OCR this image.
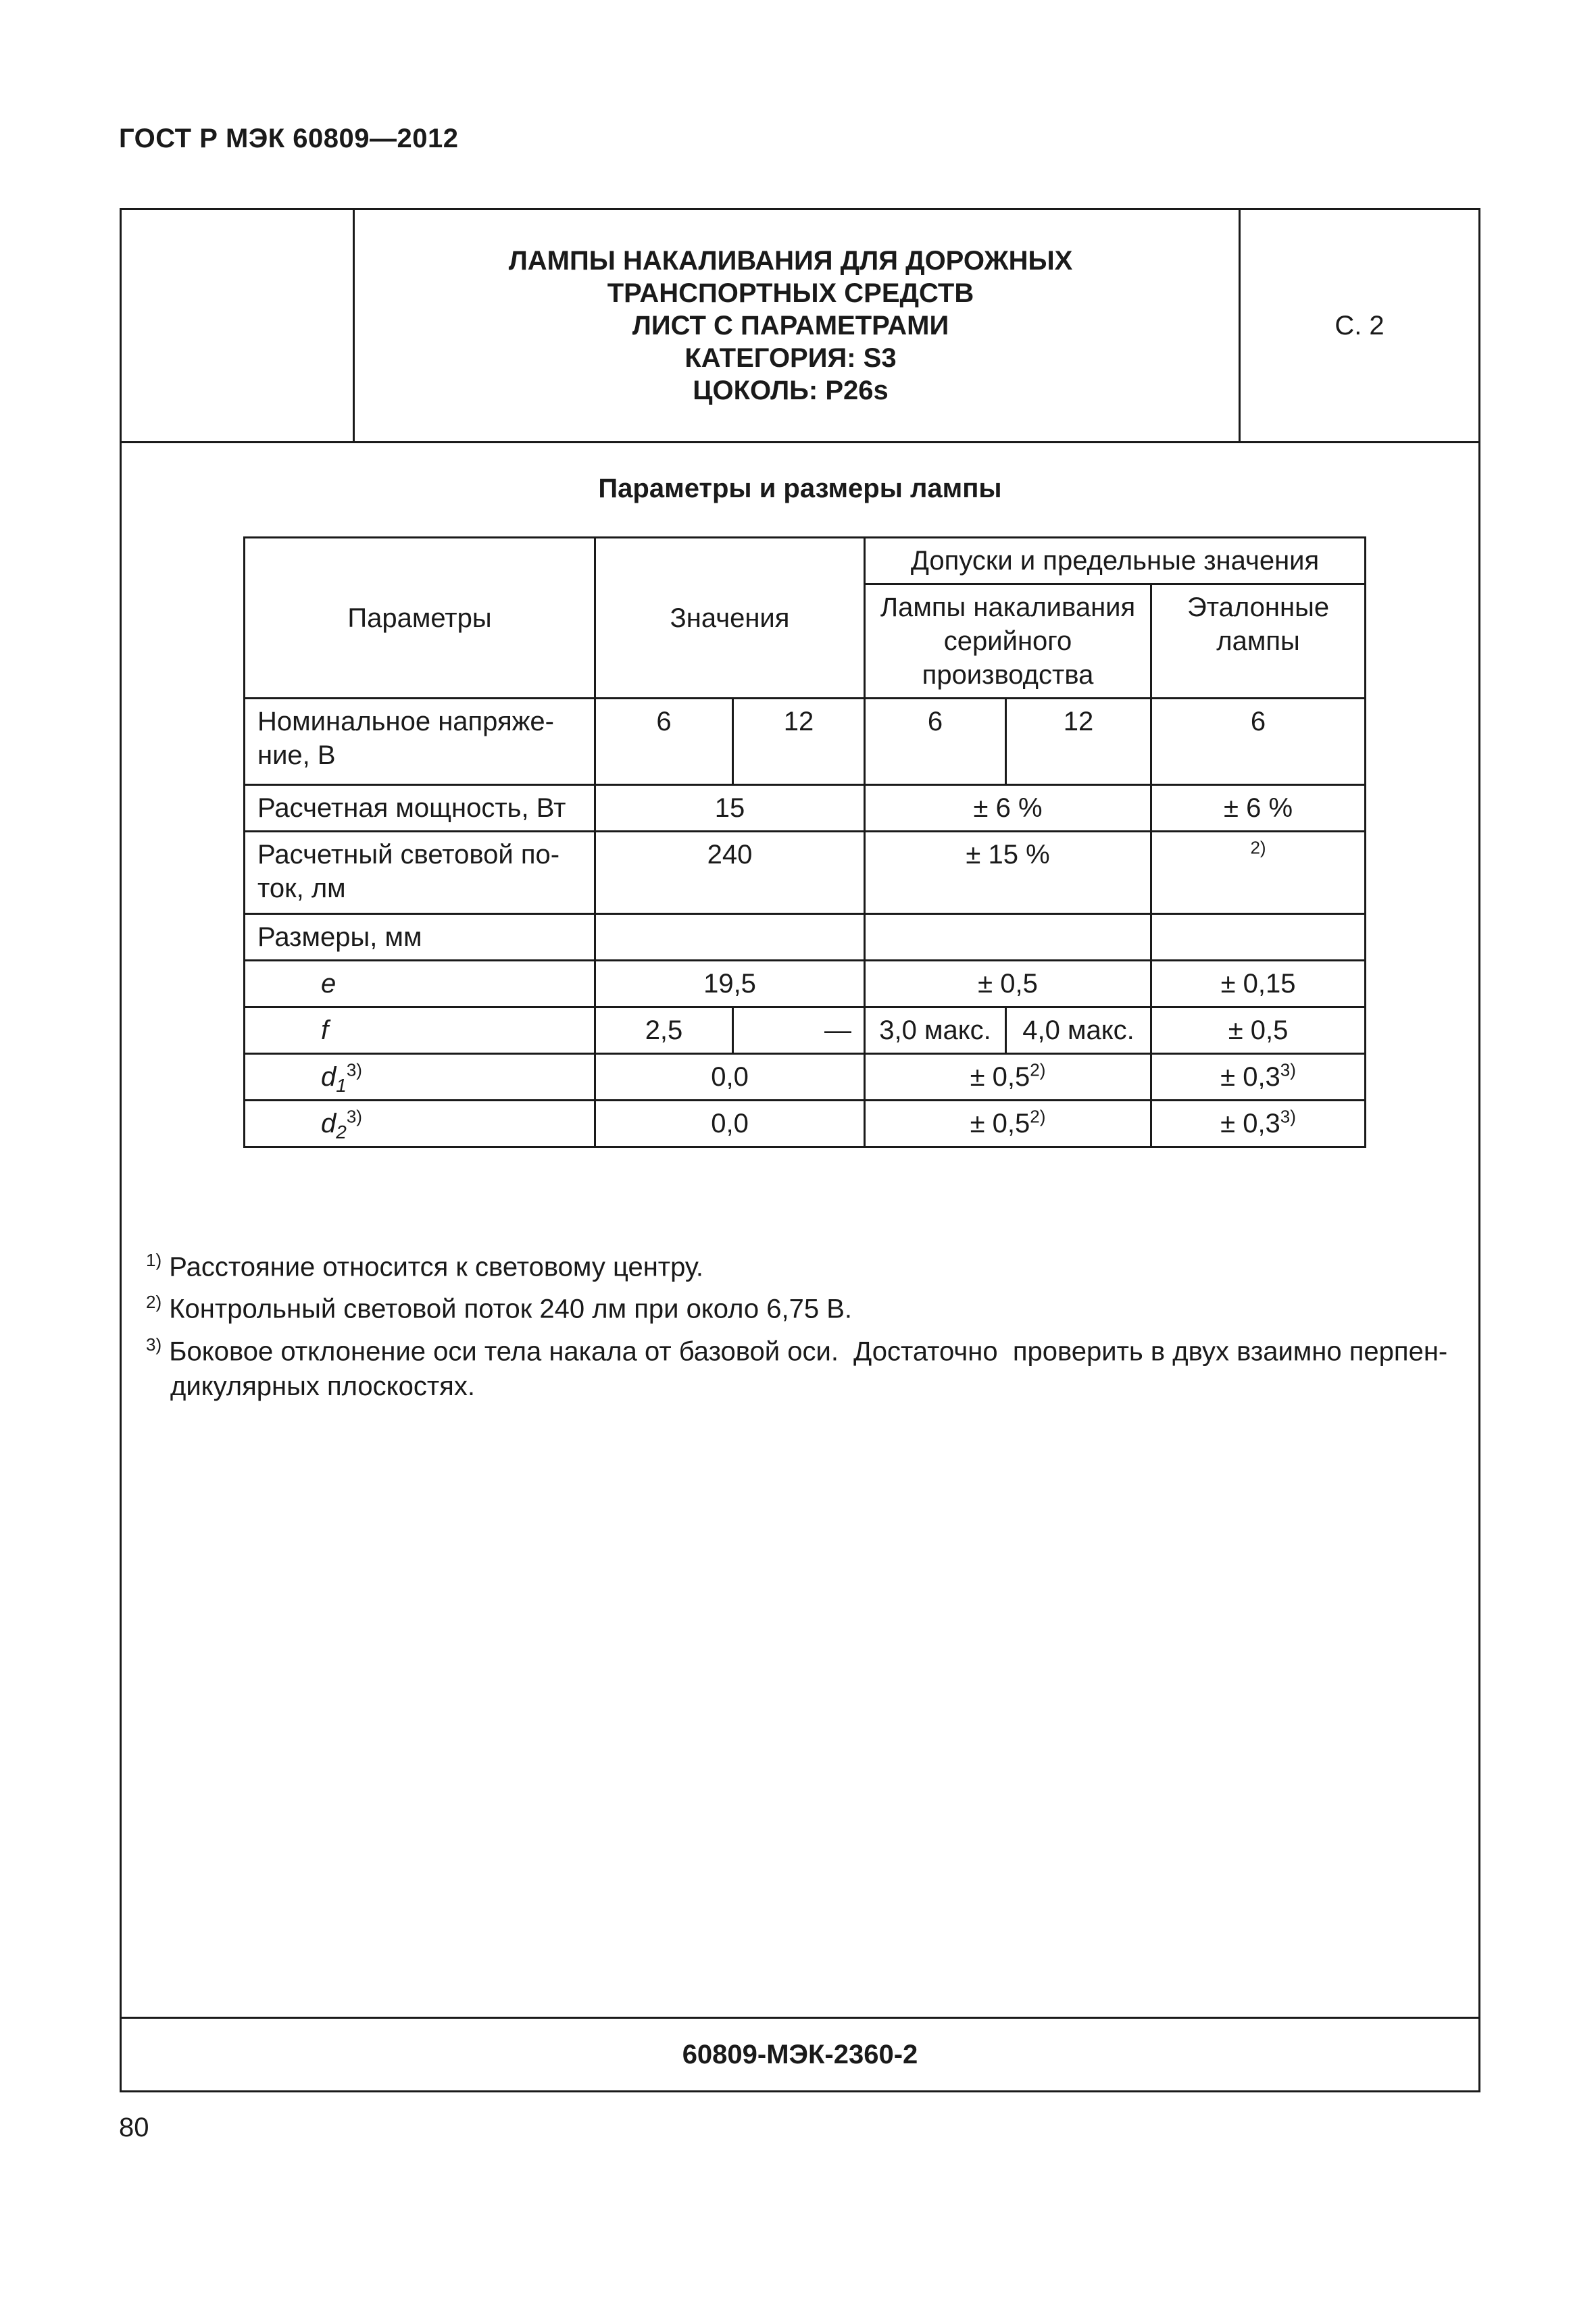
ГОСТ Р МЭК 60809—2012
ЛАМПЫ НАКАЛИВАНИЯ ДЛЯ ДОРОЖНЫХ
ТРАНСПОРТНЫХ СРЕДСТВ
ЛИСТ С ПАРАМЕТРАМИ
КАТЕГОРИЯ: S3
ЦОКОЛЬ: P26s
С. 2
Параметры и размеры лампы
Параметры	Значения		Допуски и предельные значения		
			Лампы накаливания серийного производства		Эталонные лампы
Номинальное напряже-ние, В	6	12	6	12	6
Расчетная мощность, Вт	15		± 6 %		± 6 %
Расчетный световой по-ток, лм	240		± 15 %		$^{2)}$
Размеры, мм					
e	19,5		± 0,5		± 0,15
f	2,5	—	3,0 макс.	4,0 макс.	± 0,5
$d_1^{3)}$	0,0		± $0,5^{2)}$		± $0,3^{3)}$
$d_2^{3)}$	0,0		± $0,5^{2)}$		± $0,3^{3)}$
$^{1)}$ Расстояние относится к световому центру.
$^{2)}$ Контрольный световой поток 240 лм при около 6,75 В.
$^{3)}$ Боковое отклонение оси тела накала от базовой оси.  Достаточно  проверить в двух взаимно перпен-
дикулярных плоскостях.
60809-МЭК-2360-2
80
